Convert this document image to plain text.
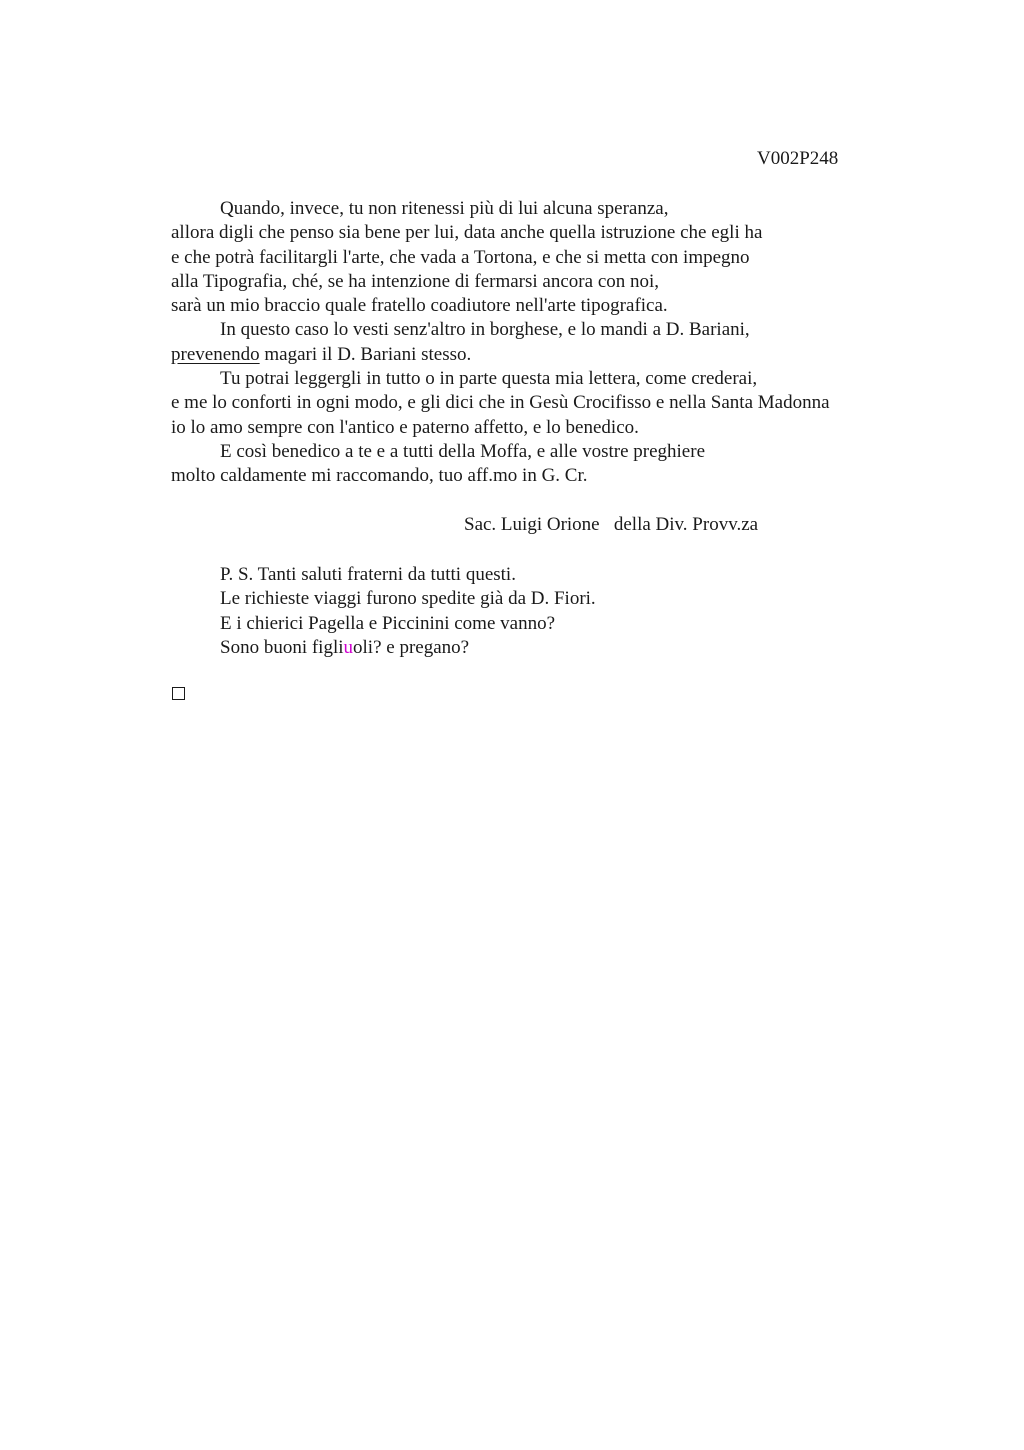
V002P248
Quando, invece, tu non ritenessi più di lui alcuna speranza,
allora digli che penso sia bene per lui, data anche quella istruzione che egli ha
e che potrà facilitargli l'arte, che vada a Tortona, e che si metta con impegno
alla Tipografia, ché, se ha intenzione di fermarsi ancora con noi,
sarà un mio braccio quale fratello coadiutore nell'arte tipografica.
In questo caso lo vesti senz'altro in borghese, e lo mandi a D. Bariani,
prevenendo magari il D. Bariani stesso.
Tu potrai leggergli in tutto o in parte questa mia lettera, come crederai,
e me lo conforti in ogni modo, e gli dici che in Gesù Crocifisso e nella Santa Madonna
io lo amo sempre con l'antico e paterno affetto, e lo benedico.
E così benedico a te e a tutti della Moffa, e alle vostre preghiere
molto caldamente mi raccomando, tuo aff.mo in G. Cr.
Sac. Luigi Orione   della Div. Provv.za
P. S. Tanti saluti fraterni da tutti questi.
Le richieste viaggi furono spedite già da D. Fiori.
E i chierici Pagella e Piccinini come vanno?
Sono buoni figliuoli? e pregano?
